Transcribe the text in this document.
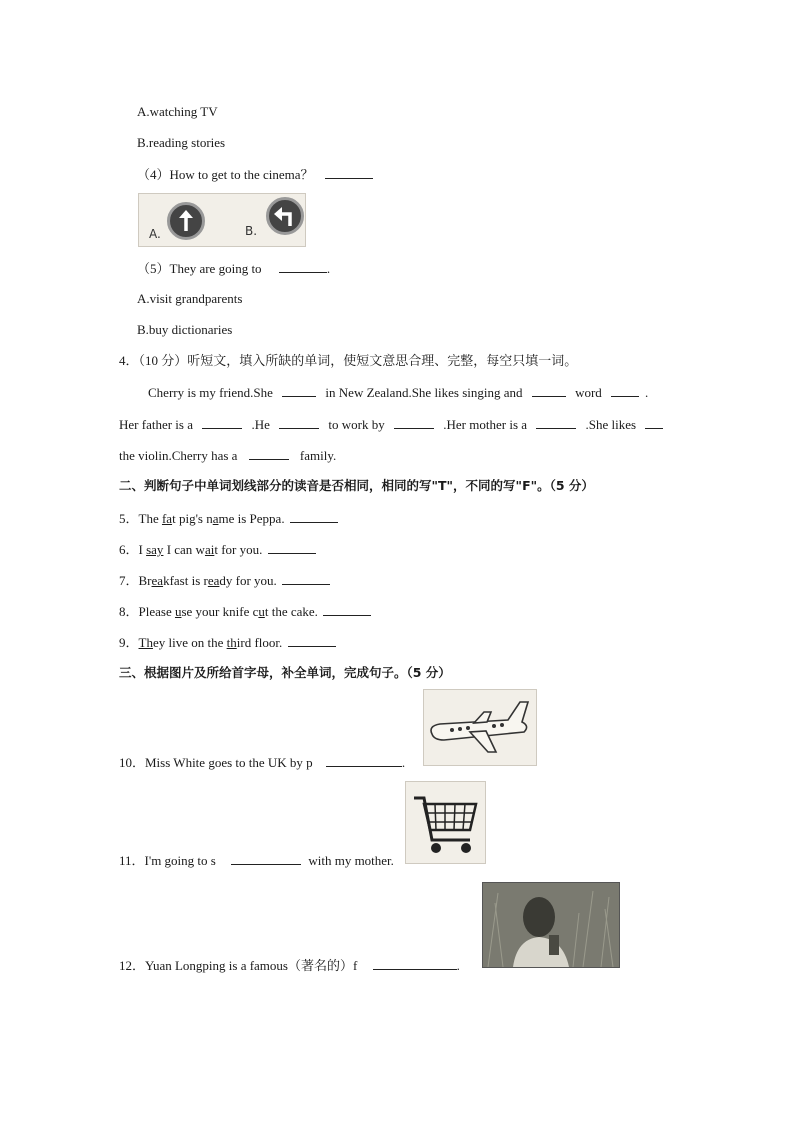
A.watching TV
B.reading stories
（4）How to get to the cinema？
A.	B.
（5）They are going to	.
A.visit grandparents
B.buy dictionaries
4．（10 分）听短文，填入所缺的单词，使短文意思合理、完整，每空只填一词。
Cherry is my friend.She	in New Zealand.She likes singing and	word	.
Her father is a	.He	to work by	.Her mother is a	.She likes
the violin.Cherry has a	family.
二、判断句子中单词划线部分的读音是否相同，相同的写"T"，不同的写"F"。（5 分）
5．The fat pig's name is Peppa.
6．I say I can wait for you.
7．Breakfast is ready for you.
8．Please use your knife cut the cake.
9．They live on the third floor.
三、根据图片及所给首字母，补全单词，完成句子。（5 分）
10．Miss White goes to the UK by p	.
11．I'm going to s	with my mother.
12．Yuan Longping is a famous（著名的）f	.
